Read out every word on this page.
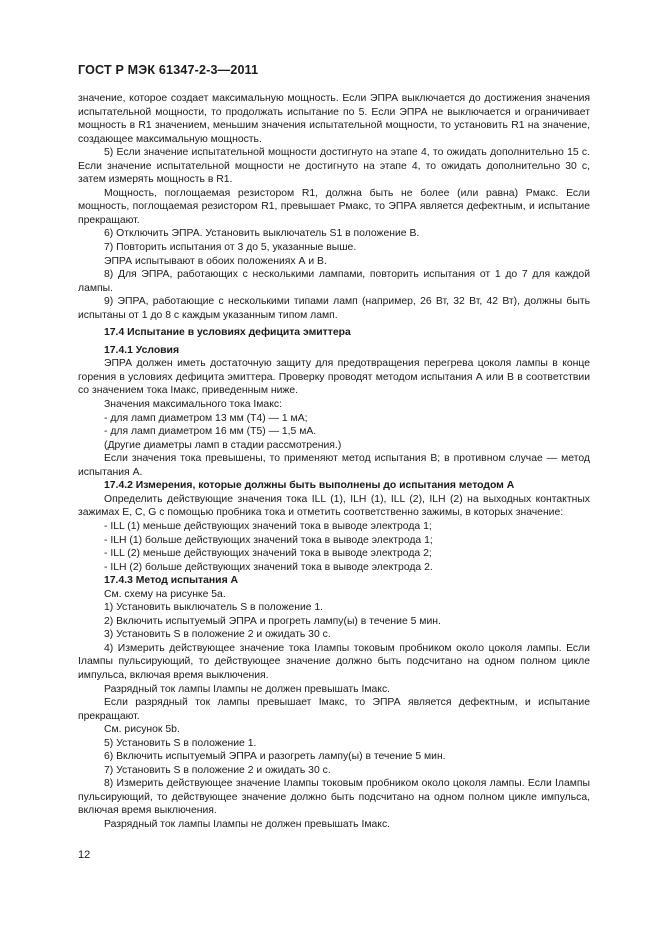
ГОСТ Р МЭК 61347-2-3—2011

значение, которое создает максимальную мощность. Если ЭПРА выключается до достижения значения испытательной мощности, то продолжать испытание по 5. Если ЭПРА не выключается и ограничивает мощность в R1 значением, меньшим значения испытательной мощности, то установить R1 на значение, создающее максимальную мощность.

5) Если значение испытательной мощности достигнуто на этапе 4, то ожидать дополнительно 15 с. Если значение испытательной мощности не достигнуто на этапе 4, то ожидать дополнительно 30 с, затем измерять мощность в R1.

Мощность, поглощаемая резистором R1, должна быть не более (или равна) Pмакс. Если мощность, поглощаемая резистором R1, превышает Pмакс, то ЭПРА является дефектным, и испытание прекращают.

6) Отключить ЭПРА. Установить выключатель S1 в положение В.

7) Повторить испытания от 3 до 5, указанные выше.

ЭПРА испытывают в обоих положениях А и В.

8) Для ЭПРА, работающих с несколькими лампами, повторить испытания от 1 до 7 для каждой лампы.

9) ЭПРА, работающие с несколькими типами ламп (например, 26 Вт, 32 Вт, 42 Вт), должны быть испытаны от 1 до 8 с каждым указанным типом ламп.

17.4 Испытание в условиях дефицита эмиттера

17.4.1 Условия

ЭПРА должен иметь достаточную защиту для предотвращения перегрева цоколя лампы в конце горения в условиях дефицита эмиттера. Проверку проводят методом испытания А или В в соответствии со значением тока Iмакс, приведенным ниже.

Значения максимального тока Iмакс:

- для ламп диаметром 13 мм (Т4) — 1 мА;

- для ламп диаметром 16 мм (Т5) — 1,5 мА.

(Другие диаметры ламп в стадии рассмотрения.)

Если значения тока превышены, то применяют метод испытания В; в противном случае — метод испытания А.

17.4.2 Измерения, которые должны быть выполнены до испытания методом А

Определить действующие значения тока ILL (1), ILH (1), ILL (2), ILH (2) на выходных контактных зажимах Е, С, G с помощью пробника тока и отметить соответственно зажимы, в которых значение:

- ILL (1) меньше действующих значений тока в выводе электрода 1;

- ILH (1) больше действующих значений тока в выводе электрода 1;

- ILL (2) меньше действующих значений тока в выводе электрода 2;

- ILH (2) больше действующих значений тока в выводе электрода 2.

17.4.3 Метод испытания А

См. схему на рисунке 5а.

1) Установить выключатель S в положение 1.

2) Включить испытуемый ЭПРА и прогреть лампу(ы) в течение 5 мин.

3) Установить S в положение 2 и ожидать 30 с.

4) Измерить действующее значение тока Iлампы токовым пробником около цоколя лампы. Если Iлампы пульсирующий, то действующее значение должно быть подсчитано на одном полном цикле импульса, включая время выключения.

Разрядный ток лампы Iлампы не должен превышать Iмакс.

Если разрядный ток лампы превышает Iмакс, то ЭПРА является дефектным, и испытание прекращают.

См. рисунок 5b.

5) Установить S в положение 1.

6) Включить испытуемый ЭПРА и разогреть лампу(ы) в течение 5 мин.

7) Установить S в положение 2 и ожидать 30 с.

8) Измерить действующее значение Iлампы токовым пробником около цоколя лампы. Если Iлампы пульсирующий, то действующее значение должно быть подсчитано на одном полном цикле импульса, включая время выключения.

Разрядный ток лампы Iлампы не должен превышать Iмакс.

12
